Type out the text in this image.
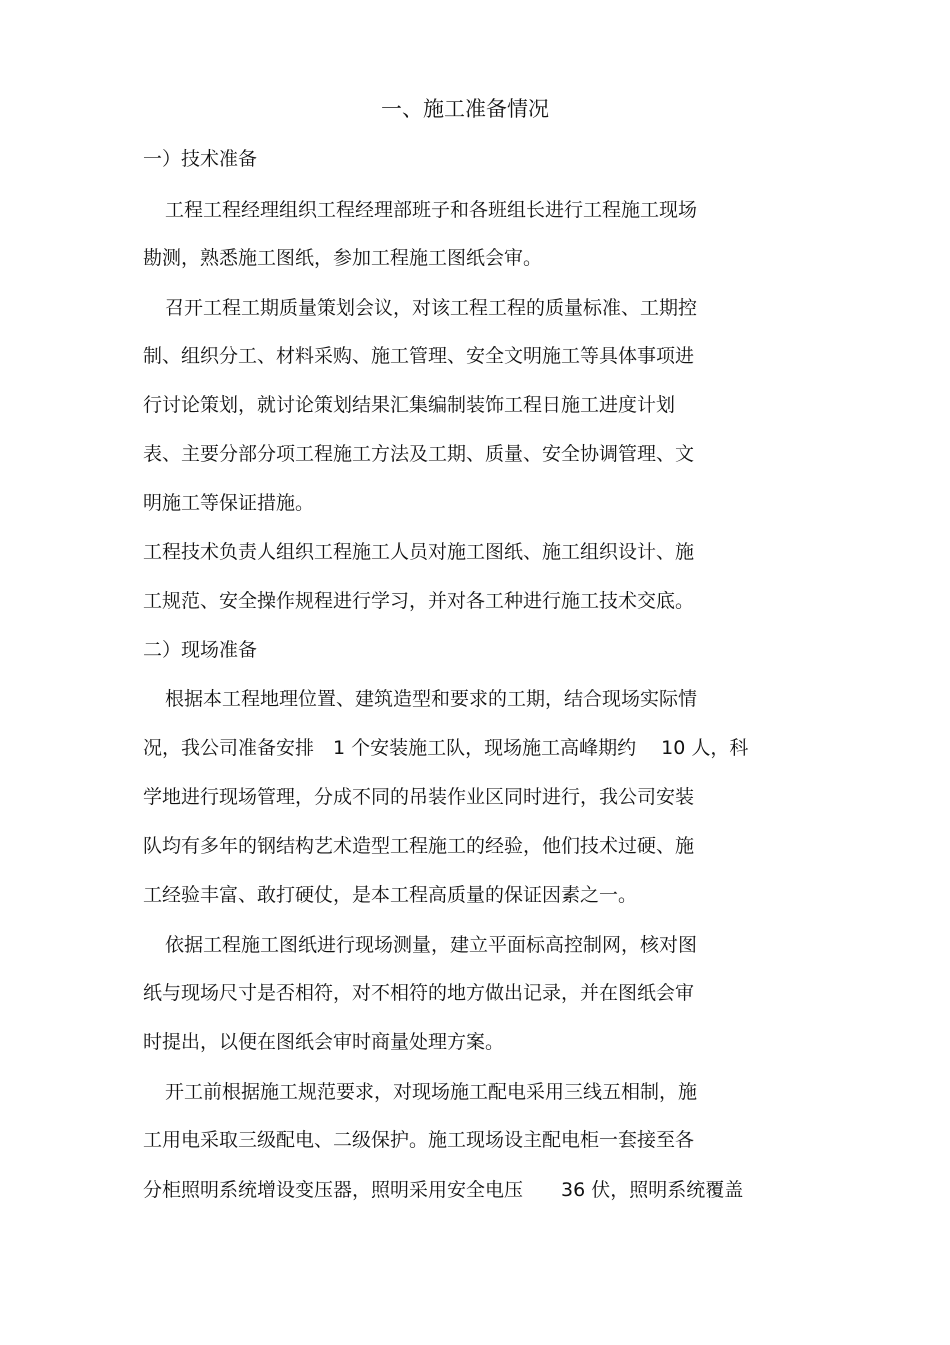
一、施工准备情况
一）技术准备
工程工程经理组织工程经理部班子和各班组长进行工程施工现场
勘测，熟悉施工图纸，参加工程施工图纸会审。
召开工程工期质量策划会议，对该工程工程的质量标准、工期控
制、组织分工、材料采购、施工管理、安全文明施工等具体事项进
行讨论策划，就讨论策划结果汇集编制装饰工程日施工进度计划
表、主要分部分项工程施工方法及工期、质量、安全协调管理、文
明施工等保证措施。
工程技术负责人组织工程施工人员对施工图纸、施工组织设计、施
工规范、安全操作规程进行学习，并对各工种进行施工技术交底。
二）现场准备
根据本工程地理位置、建筑造型和要求的工期，结合现场实际情
况，我公司准备安排　1 个安装施工队，现场施工高峰期约　 10 人，科
学地进行现场管理，分成不同的吊装作业区同时进行，我公司安装
队均有多年的钢结构艺术造型工程施工的经验，他们技术过硬、施
工经验丰富、敢打硬仗，是本工程高质量的保证因素之一。
依据工程施工图纸进行现场测量，建立平面标高控制网，核对图
纸与现场尺寸是否相符，对不相符的地方做出记录，并在图纸会审
时提出，以便在图纸会审时商量处理方案。
开工前根据施工规范要求，对现场施工配电采用三线五相制，施
工用电采取三级配电、二级保护。施工现场设主配电柜一套接至各
分柜照明系统增设变压器，照明采用安全电压　　36 伏，照明系统覆盖
